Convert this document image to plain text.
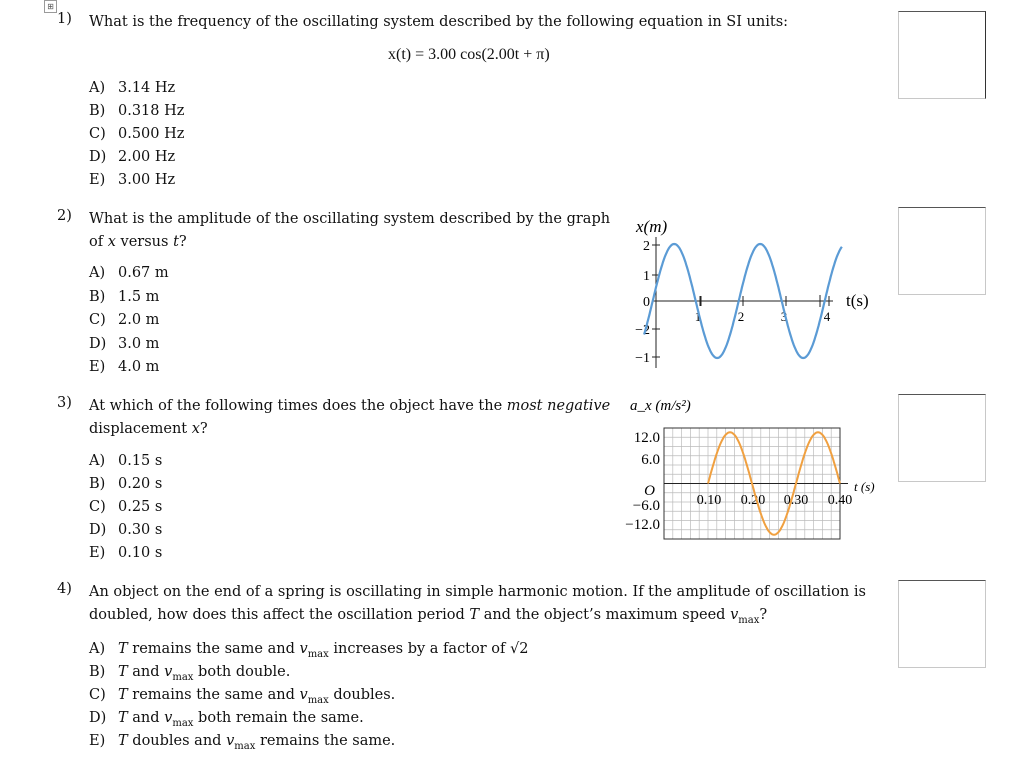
⊞
1) What is the frequency of the oscillating system described by the following equation in SI units:
x(t) = 3.00 cos(2.00t + π)
A) 3.14 Hz
B) 0.318 Hz
C) 0.500 Hz
D) 2.00 Hz
E) 3.00 Hz
2) What is the amplitude of the oscillating system described by the graph
of x versus t?
A) 0.67 m
B) 1.5 m
C) 2.0 m
D) 3.0 m
E) 4.0 m
x(m)
2
1
0
−2
−1
1	2	3	4
t(s)
3) At which of the following times does the object have the most negative
displacement x?
A) 0.15 s
B) 0.20 s
C) 0.25 s
D) 0.30 s
E) 0.10 s
a_x (m/s²)
12.0
6.0
O
−6.0
−12.0
0.10 0.20 0.30 0.40
t (s)
4) An object on the end of a spring is oscillating in simple harmonic motion. If the amplitude of oscillation is
doubled, how does this affect the oscillation period T and the object’s maximum speed $v_{max}$?
A) T remains the same and $v_{max}$ increases by a factor of √2
B) T and $v_{max}$ both double.
C) T remains the same and $v_{max}$ doubles.
D) T and $v_{max}$ both remain the same.
E) T doubles and $v_{max}$ remains the same.
